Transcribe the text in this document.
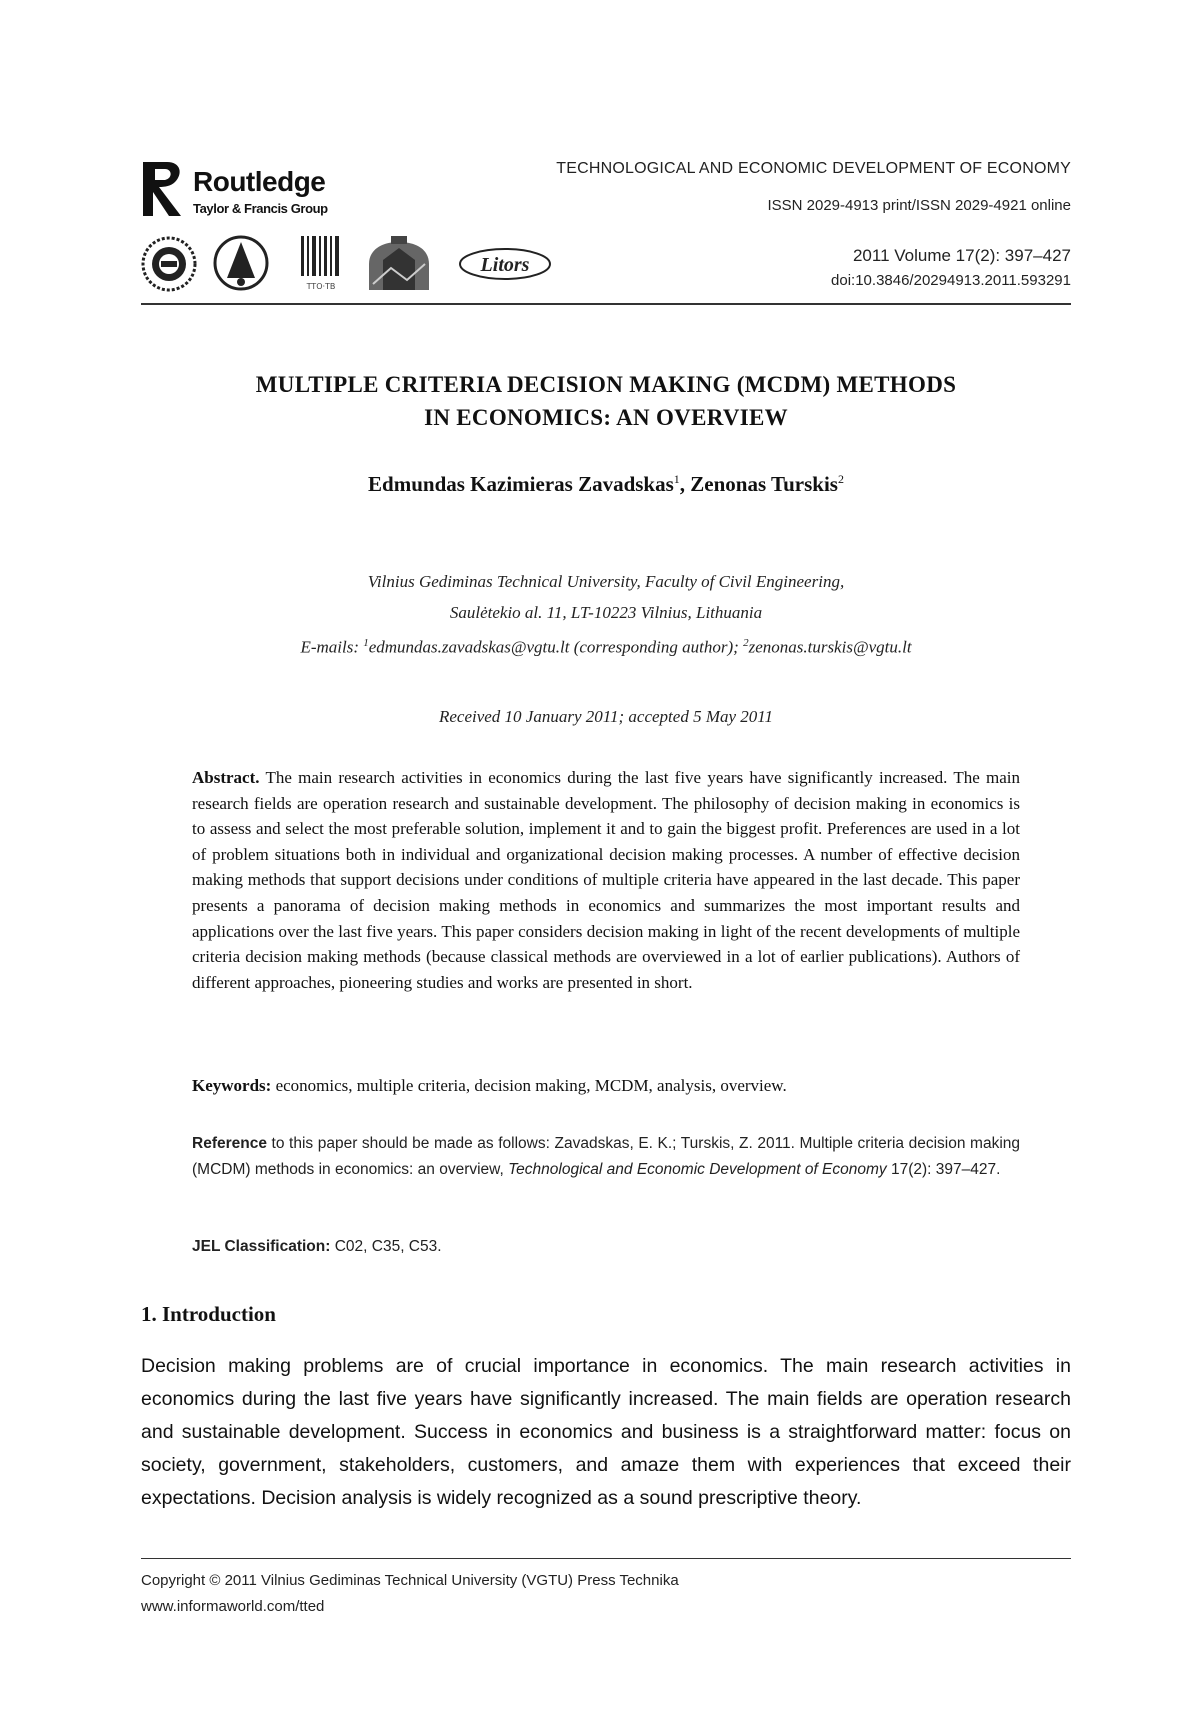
Routledge
Taylor & Francis Group
TTO·TB
Litors
TECHNOLOGICAL AND ECONOMIC DEVELOPMENT OF ECONOMY
ISSN 2029-4913 print/ISSN 2029-4921 online
2011 Volume 17(2): 397–427
doi:10.3846/20294913.2011.593291
MULTIPLE CRITERIA DECISION MAKING (MCDM) METHODS
IN ECONOMICS: AN OVERVIEW
Edmundas Kazimieras Zavadskas$^1$, Zenonas Turskis$^2$
Vilnius Gediminas Technical University, Faculty of Civil Engineering,
Saulėtekio al. 11, LT-10223 Vilnius, Lithuania
E-mails: $^1$edmundas.zavadskas@vgtu.lt (corresponding author); $^2$zenonas.turskis@vgtu.lt
Received 10 January 2011; accepted 5 May 2011
Abstract. The main research activities in economics during the last five years have significantly increased. The main research fields are operation research and sustainable development. The philosophy of decision making in economics is to assess and select the most preferable solution, implement it and to gain the biggest profit. Preferences are used in a lot of problem situations both in individual and organizational decision making processes. A number of effective decision making methods that support decisions under conditions of multiple criteria have appeared in the last decade. This paper presents a panorama of decision making methods in economics and summarizes the most important results and applications over the last five years. This paper considers decision making in light of the recent developments of multiple criteria decision making methods (because classical methods are overviewed in a lot of earlier publications). Authors of different approaches, pioneering studies and works are presented in short.
Keywords: economics, multiple criteria, decision making, MCDM, analysis, overview.
Reference to this paper should be made as follows: Zavadskas, E. K.; Turskis, Z. 2011. Multiple criteria decision making (MCDM) methods in economics: an overview, Technological and Economic Development of Economy 17(2): 397–427.
JEL Classification: C02, C35, C53.
1. Introduction
Decision making problems are of crucial importance in economics. The main research activities in economics during the last five years have significantly increased. The main fields are operation research and sustainable development. Success in economics and business is a straightforward matter: focus on society, government, stakeholders, customers, and amaze them with experiences that exceed their expectations. Decision analysis is widely recognized as a sound prescriptive theory.
Copyright © 2011 Vilnius Gediminas Technical University (VGTU) Press Technika
www.informaworld.com/tted
